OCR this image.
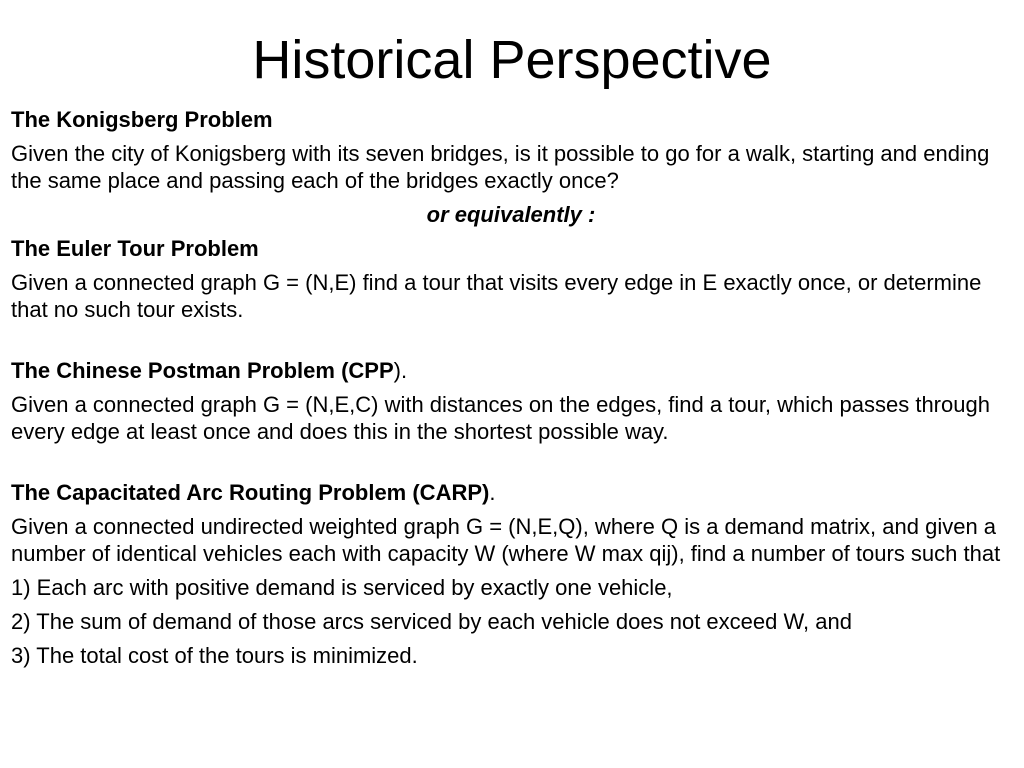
Historical Perspective
The Konigsberg Problem
Given the city of Konigsberg with its seven bridges, is it possible to go for a walk, starting and ending the same place and passing each of the bridges exactly once?
or equivalently :
The Euler Tour Problem
Given a connected graph G = (N,E) find a tour that visits every edge in E exactly once, or determine that no such tour exists.
The Chinese Postman Problem (CPP).
Given a connected graph G = (N,E,C) with distances on the edges, find a tour, which passes through every edge at least once and does this in the shortest possible way.
The Capacitated Arc Routing Problem (CARP).
Given a connected undirected weighted graph G = (N,E,Q), where Q is a demand matrix, and given a number of identical vehicles each with capacity W (where W max qij), find a number of tours such that
1) Each arc with positive demand is serviced by exactly one vehicle,
2) The sum of demand of those arcs serviced by each vehicle does not exceed W, and
3) The total cost of the tours is minimized.
